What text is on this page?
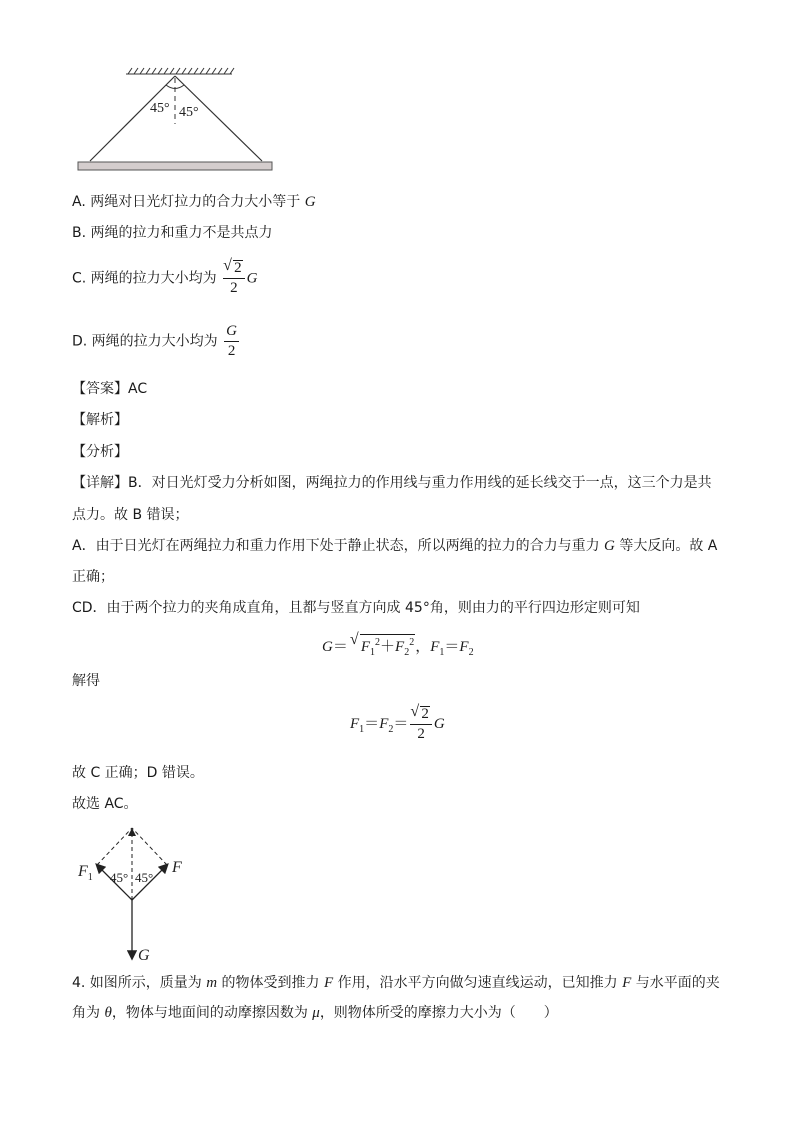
45° 45°
A. 两绳对日光灯拉力的合力大小等于 G
B. 两绳的拉力和重力不是共点力
C. 两绳的拉力大小均为 √ $\frac{2}{2}$ G
D. 两绳的拉力大小均为 $\frac{G}{2}$
【答案】AC
【解析】
【分析】
【详解】B．对日光灯受力分析如图，两绳拉力的作用线与重力作用线的延长线交于一点，这三个力是共
点力。故 B 错误；
A．由于日光灯在两绳拉力和重力作用下处于静止状态，所以两绳的拉力的合力与重力 G 等大反向。故 A
正确；
CD．由于两个拉力的夹角成直角，且都与竖直方向成 45°角，则由力的平行四边形定则可知
G＝ √ $F_1^2+F_2^2$，$F_1=F_2$
解得
$F_1=F_2=$ √ $\frac{2}{2}$ G
故 C 正确；D 错误。
故选 AC。
$F_1$
F
G
45° 45°
4. 如图所示，质量为 m 的物体受到推力 F 作用，沿水平方向做匀速直线运动，已知推力 F 与水平面的夹
角为 θ，物体与地面间的动摩擦因数为 μ，则物体所受的摩擦力大小为（　　）
